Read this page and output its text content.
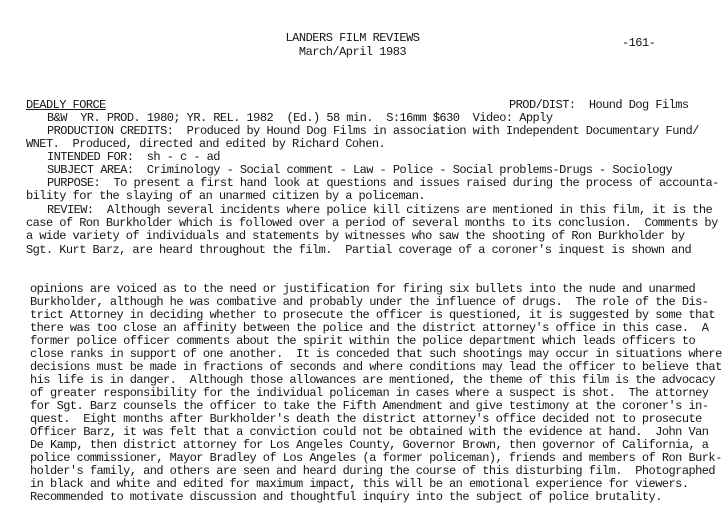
LANDERS FILM REVIEWS
March/April 1983
-161-
DEADLY FORCE	PROD/DIST:  Hound Dog Films
B&W  YR. PROD. 1980; YR. REL. 1982  (Ed.) 58 min.  S:16mm $630  Video: Apply
PRODUCTION CREDITS:  Produced by Hound Dog Films in association with Independent Documentary Fund/
WNET.  Produced, directed and edited by Richard Cohen.
INTENDED FOR:  sh - c - ad
SUBJECT AREA:  Criminology - Social comment - Law - Police - Social problems-Drugs - Sociology
PURPOSE:  To present a first hand look at questions and issues raised during the process of accounta-
bility for the slaying of an unarmed citizen by a policeman.
REVIEW:  Although several incidents where police kill citizens are mentioned in this film, it is the
case of Ron Burkholder which is followed over a period of several months to its conclusion.  Comments by
a wide variety of individuals and statements by witnesses who saw the shooting of Ron Burkholder by
Sgt. Kurt Barz, are heard throughout the film.  Partial coverage of a coroner's inquest is shown and
opinions are voiced as to the need or justification for firing six bullets into the nude and unarmed
Burkholder, although he was combative and probably under the influence of drugs.  The role of the Dis-
trict Attorney in deciding whether to prosecute the officer is questioned, it is suggested by some that
there was too close an affinity between the police and the district attorney's office in this case.  A
former police officer comments about the spirit within the police department which leads officers to
close ranks in support of one another.  It is conceded that such shootings may occur in situations where
decisions must be made in fractions of seconds and where conditions may lead the officer to believe that
his life is in danger.  Although those allowances are mentioned, the theme of this film is the advocacy
of greater responsibility for the individual policeman in cases where a suspect is shot.  The attorney
for Sgt. Barz counsels the officer to take the Fifth Amendment and give testimony at the coroner's in-
quest.  Eight months after Burkholder's death the district attorney's office decided not to prosecute
Officer Barz, it was felt that a conviction could not be obtained with the evidence at hand.  John Van
De Kamp, then district attorney for Los Angeles County, Governor Brown, then governor of California, a
police commissioner, Mayor Bradley of Los Angeles (a former policeman), friends and members of Ron Burk-
holder's family, and others are seen and heard during the course of this disturbing film.  Photographed
in black and white and edited for maximum impact, this will be an emotional experience for viewers.
Recommended to motivate discussion and thoughtful inquiry into the subject of police brutality.
